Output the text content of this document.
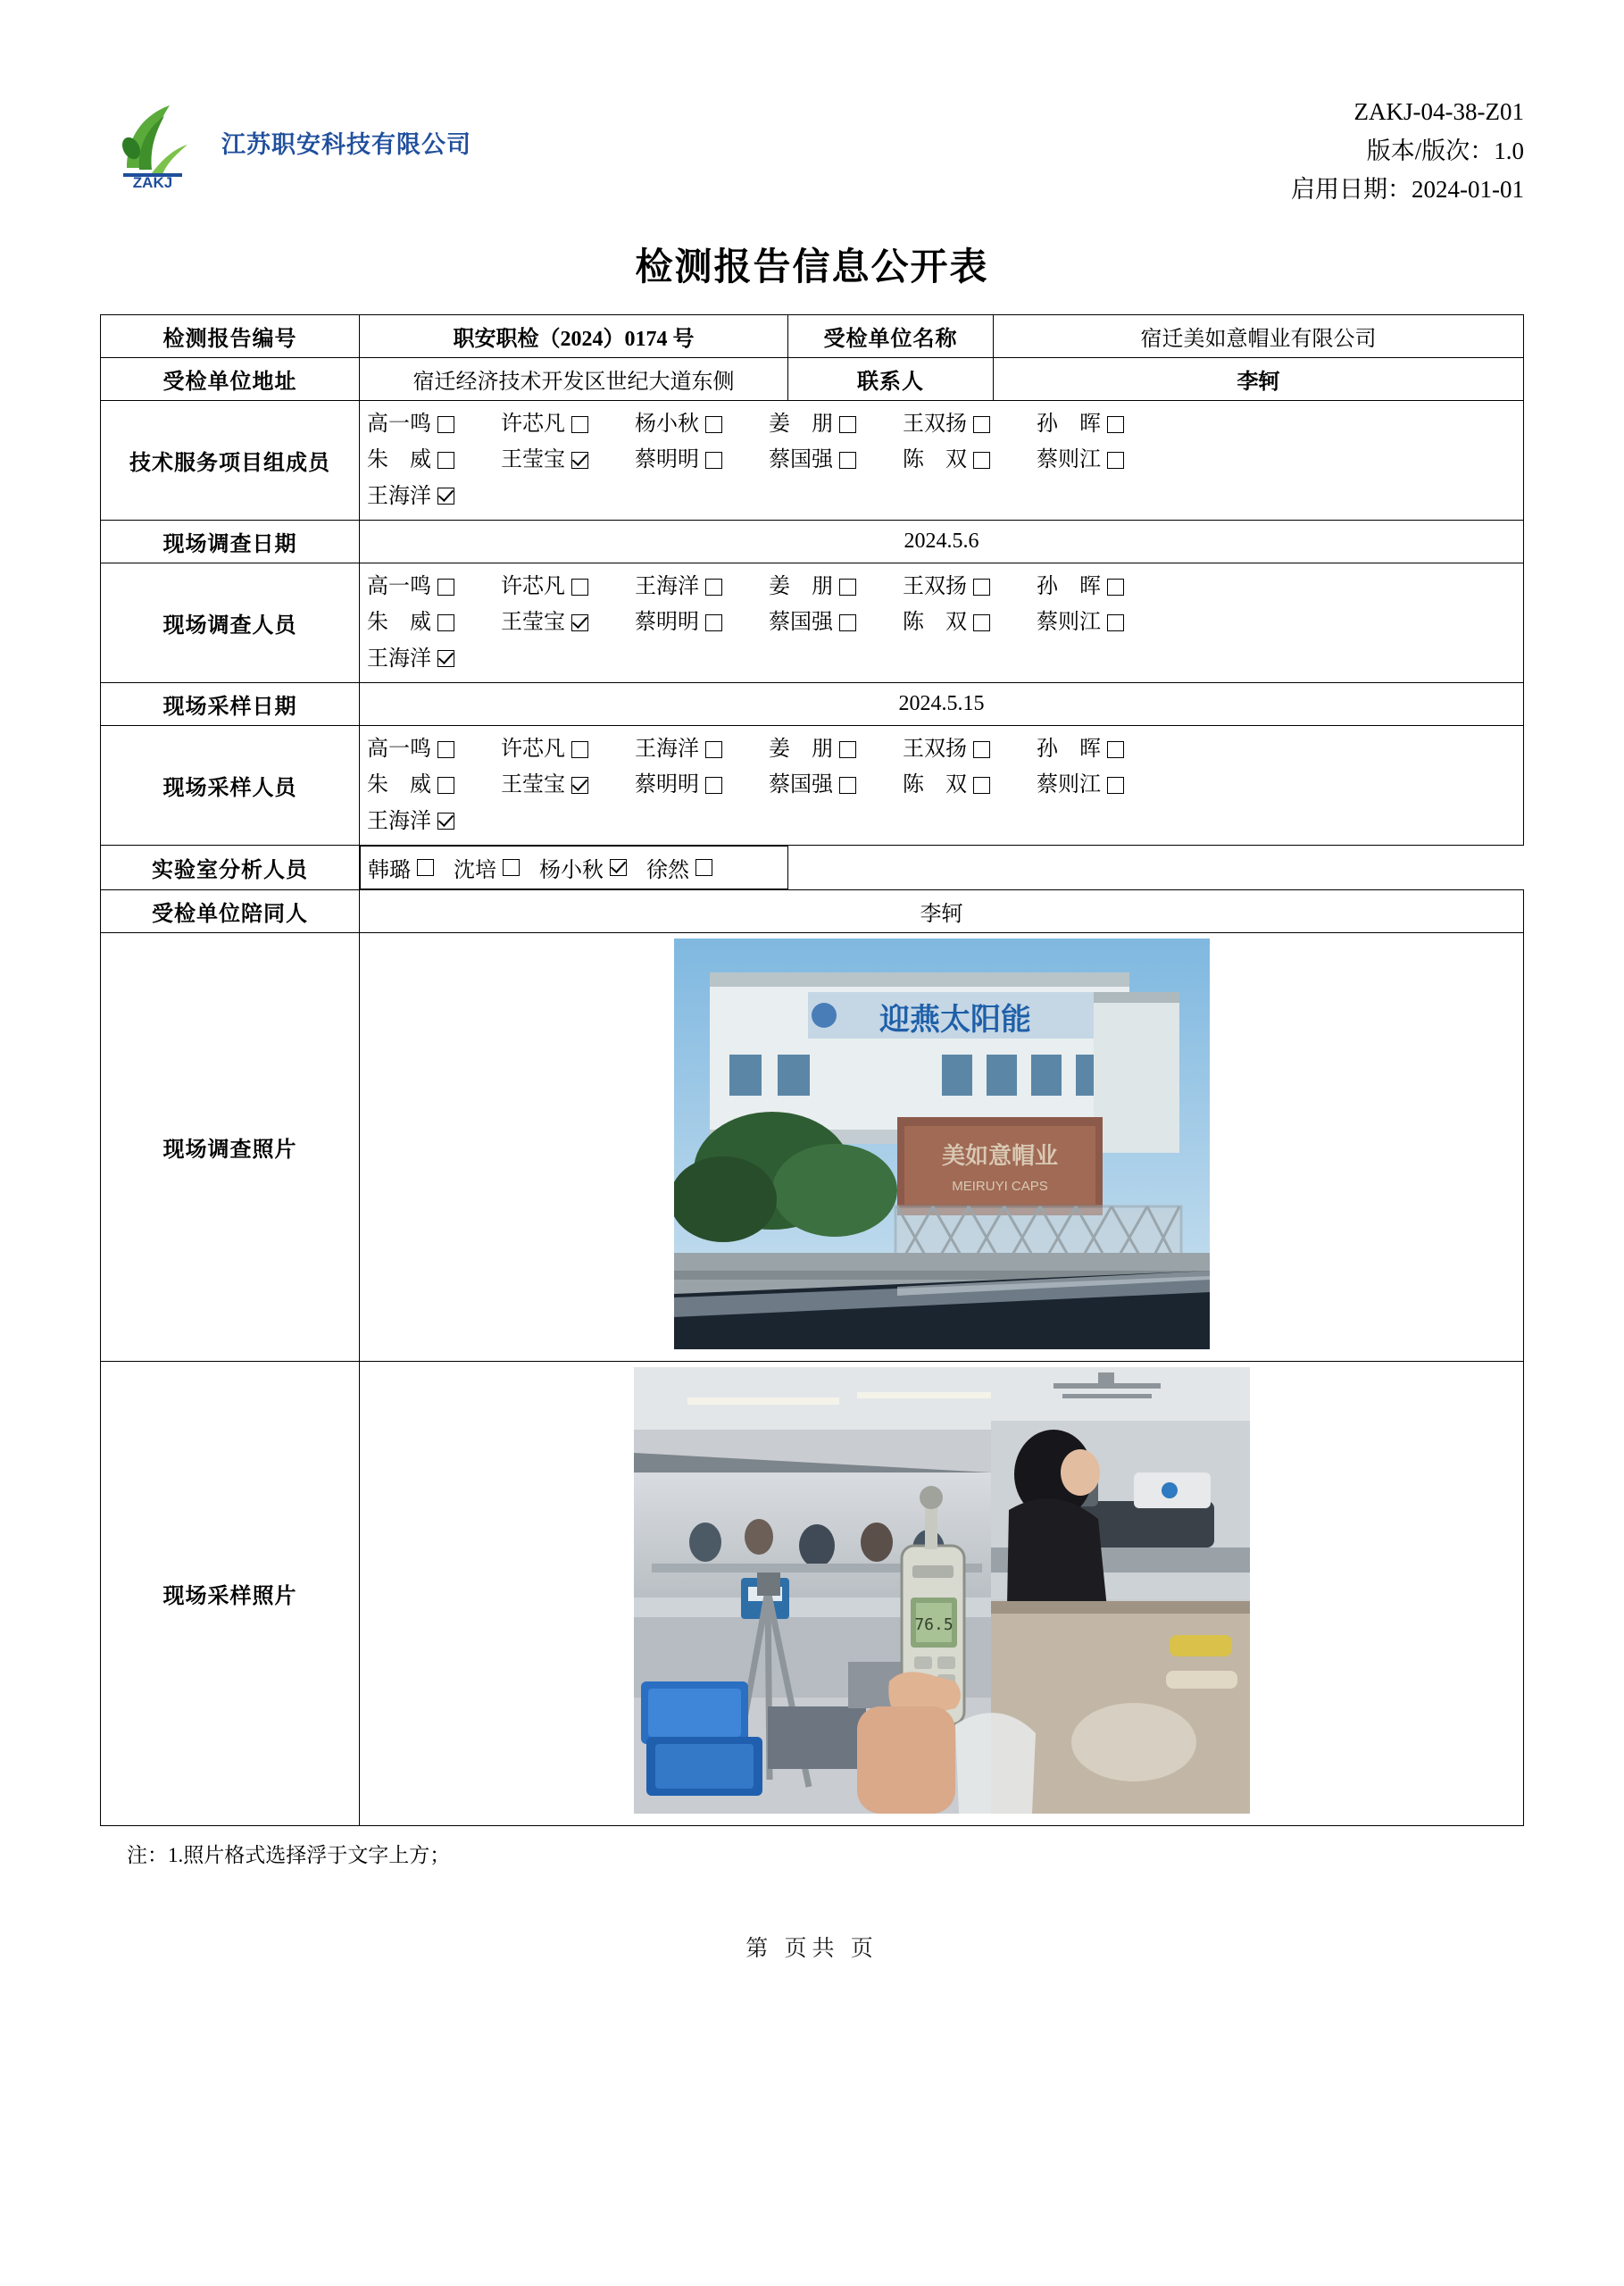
ZAKJ
江苏职安科技有限公司
ZAKJ-04-38-Z01
版本/版次：1.0
启用日期：2024-01-01
检测报告信息公开表
检测报告编号	职安职检（2024）0174 号	受检单位名称	宿迁美如意帽业有限公司
受检单位地址	宿迁经济技术开发区世纪大道东侧	联系人	李轲
技术服务项目组成员	
高一鸣	许芯凡	杨小秋	姜　朋	王双扬	孙　晖
朱　威	王莹宝	蔡明明	蔡国强	陈　双	蔡则江
王海洋

现场调查日期	2024.5.6		
现场调查人员	
高一鸣	许芯凡	王海洋	姜　朋	王双扬	孙　晖
朱　威	王莹宝	蔡明明	蔡国强	陈　双	蔡则江
王海洋

现场采样日期	2024.5.15		
现场采样人员	
高一鸣	许芯凡	王海洋	姜　朋	王双扬	孙　晖
朱　威	王莹宝	蔡明明	蔡国强	陈　双	蔡则江
王海洋

实验室分析人员		韩璐 沈培 杨小秋 徐然

受检单位陪同人	李轲		
现场调查照片	迎燕太阳能
美如意帽业
MEIRUYI CAPS		

现场采样照片	76.5		
注：1.照片格式选择浮于文字上方；
第 页共 页
